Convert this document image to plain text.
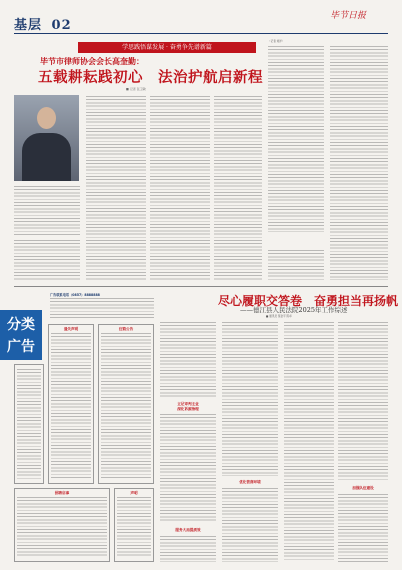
基层 02
毕节日报
学思践悟谋发展 · 奋勇争先谱新篇
毕节市律师协会会长高奎勤：
五载耕耘践初心　法治护航启新程
■ 记者 张卫敏
（记者 刘洋）
广告联系电话（0857）8888888
分类
广告
遗失声明	注销公告
招聘启事	声明
尽心履职交答卷　奋勇担当再扬帆
——德江县人民法院2025年工作综述
■ 通讯员 蔡金平 陈卓
立足审判主业
深化诉源治理
服务大局提质效
优化营商环境
加强队伍建设
